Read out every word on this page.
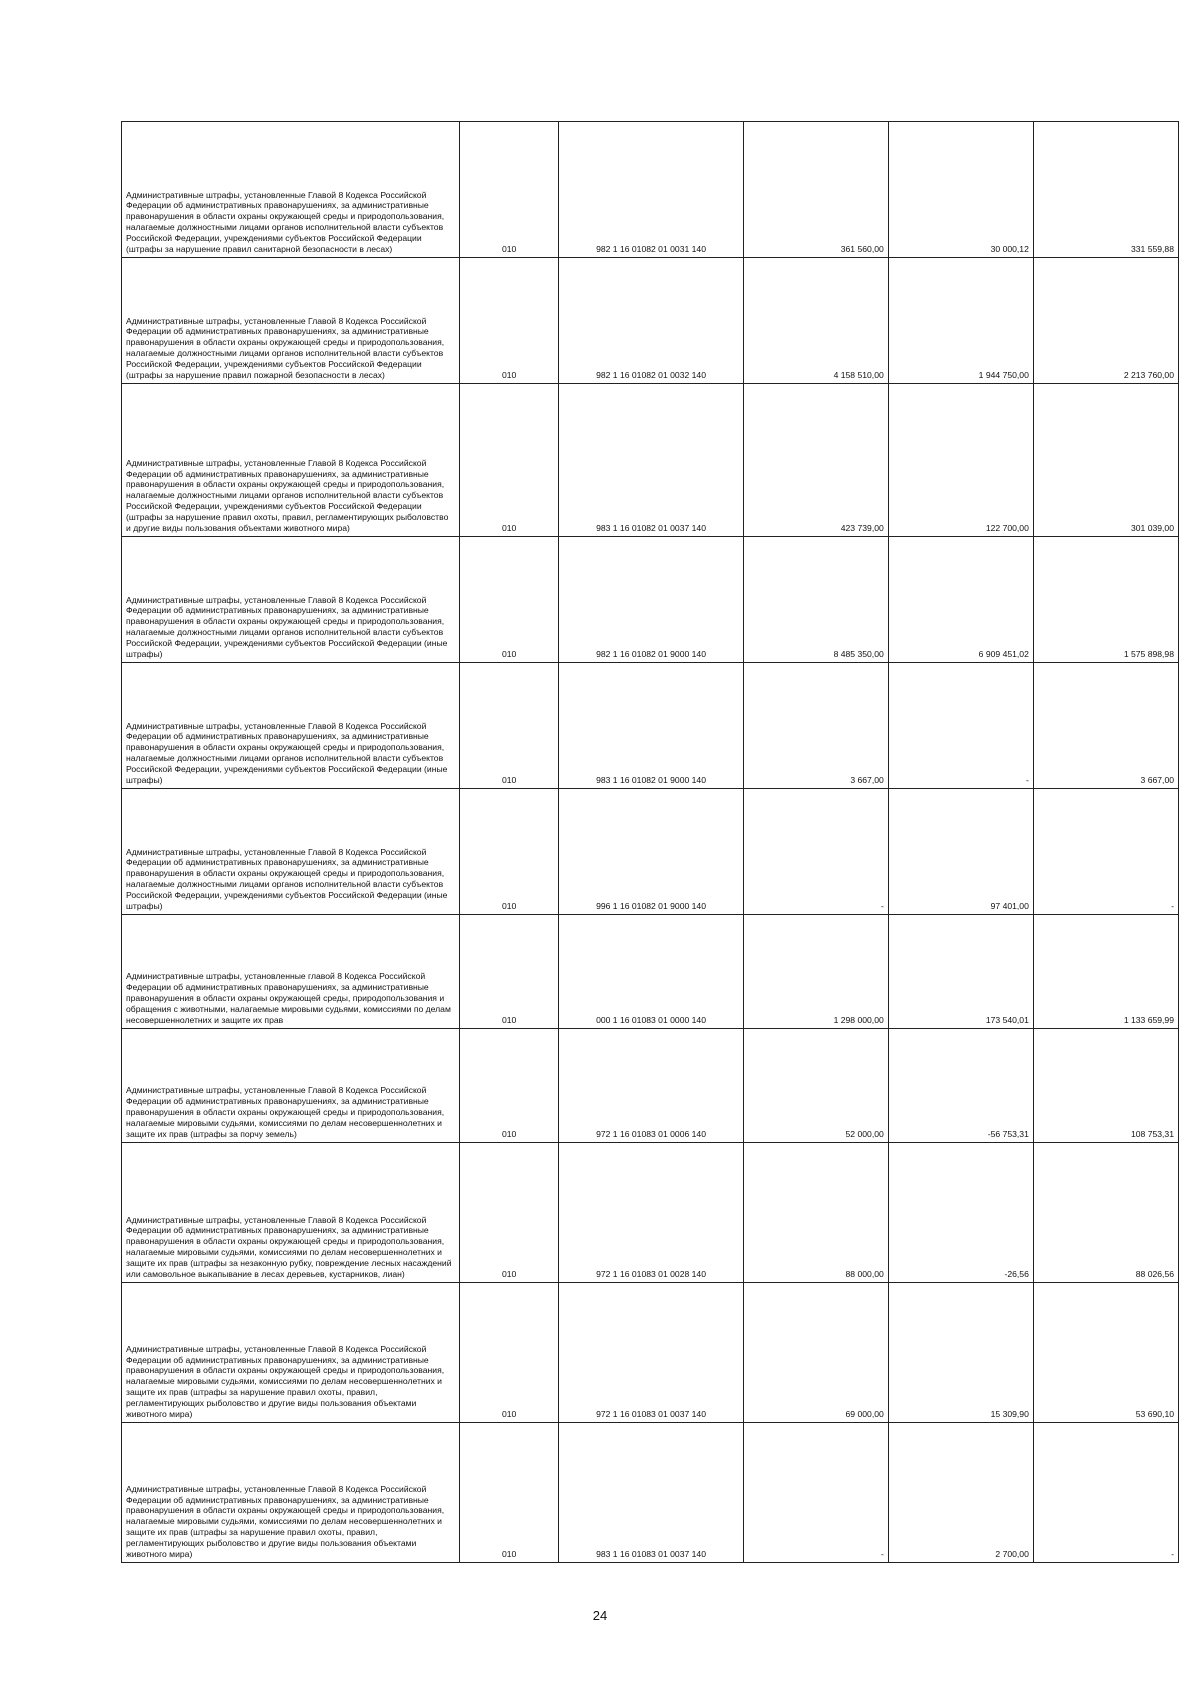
Административные штрафы, установленные Главой 8 Кодекса Российской Федерации об административных правонарушениях, за административные правонарушения в области охраны окружающей среды и природопользования, налагаемые должностными лицами органов исполнительной власти субъектов Российской Федерации, учреждениями субъектов Российской Федерации (штрафы за нарушение правил санитарной безопасности в лесах)	010	982 1 16 01082 01 0031 140	361 560,00	30 000,12	331 559,88
Административные штрафы, установленные Главой 8 Кодекса Российской Федерации об административных правонарушениях, за административные правонарушения в области охраны окружающей среды и природопользования, налагаемые должностными лицами органов исполнительной власти субъектов Российской Федерации, учреждениями субъектов Российской Федерации (штрафы за нарушение правил пожарной безопасности в лесах)	010	982 1 16 01082 01 0032 140	4 158 510,00	1 944 750,00	2 213 760,00
Административные штрафы, установленные Главой 8 Кодекса Российской Федерации об административных правонарушениях, за административные правонарушения в области охраны окружающей среды и природопользования, налагаемые должностными лицами органов исполнительной власти субъектов Российской Федерации, учреждениями субъектов Российской Федерации (штрафы за нарушение правил охоты, правил, регламентирующих рыболовство и другие виды пользования объектами животного мира)	010	983 1 16 01082 01 0037 140	423 739,00	122 700,00	301 039,00
Административные штрафы, установленные Главой 8 Кодекса Российской Федерации об административных правонарушениях, за административные правонарушения в области охраны окружающей среды и природопользования, налагаемые должностными лицами органов исполнительной власти субъектов Российской Федерации, учреждениями субъектов Российской Федерации (иные штрафы)	010	982 1 16 01082 01 9000 140	8 485 350,00	6 909 451,02	1 575 898,98
Административные штрафы, установленные Главой 8 Кодекса Российской Федерации об административных правонарушениях, за административные правонарушения в области охраны окружающей среды и природопользования, налагаемые должностными лицами органов исполнительной власти субъектов Российской Федерации, учреждениями субъектов Российской Федерации (иные штрафы)	010	983 1 16 01082 01 9000 140	3 667,00	-	3 667,00
Административные штрафы, установленные Главой 8 Кодекса Российской Федерации об административных правонарушениях, за административные правонарушения в области охраны окружающей среды и природопользования, налагаемые должностными лицами органов исполнительной власти субъектов Российской Федерации, учреждениями субъектов Российской Федерации (иные штрафы)	010	996 1 16 01082 01 9000 140	-	97 401,00	-
Административные штрафы, установленные главой 8 Кодекса Российской Федерации об административных правонарушениях, за административные правонарушения в области охраны окружающей среды, природопользования и обращения с животными, налагаемые мировыми судьями, комиссиями по делам несовершеннолетних и защите их прав	010	000 1 16 01083 01 0000 140	1 298 000,00	173 540,01	1 133 659,99
Административные штрафы, установленные Главой 8 Кодекса Российской Федерации об административных правонарушениях, за административные правонарушения в области охраны окружающей среды и природопользования, налагаемые мировыми судьями, комиссиями по делам несовершеннолетних и защите их прав (штрафы за порчу земель)	010	972 1 16 01083 01 0006 140	52 000,00	-56 753,31	108 753,31
Административные штрафы, установленные Главой 8 Кодекса Российской Федерации об административных правонарушениях, за административные правонарушения в области охраны окружающей среды и природопользования, налагаемые мировыми судьями, комиссиями по делам несовершеннолетних и защите их прав (штрафы за незаконную рубку, повреждение лесных насаждений или самовольное выкапывание в лесах деревьев, кустарников, лиан)	010	972 1 16 01083 01 0028 140	88 000,00	-26,56	88 026,56
Административные штрафы, установленные Главой 8 Кодекса Российской Федерации об административных правонарушениях, за административные правонарушения в области охраны окружающей среды и природопользования, налагаемые мировыми судьями, комиссиями по делам несовершеннолетних и защите их прав (штрафы за нарушение правил охоты, правил, регламентирующих рыболовство и другие виды пользования объектами животного мира)	010	972 1 16 01083 01 0037 140	69 000,00	15 309,90	53 690,10
Административные штрафы, установленные Главой 8 Кодекса Российской Федерации об административных правонарушениях, за административные правонарушения в области охраны окружающей среды и природопользования, налагаемые мировыми судьями, комиссиями по делам несовершеннолетних и защите их прав (штрафы за нарушение правил охоты, правил, регламентирующих рыболовство и другие виды пользования объектами животного мира)	010	983 1 16 01083 01 0037 140	-	2 700,00	-
24
